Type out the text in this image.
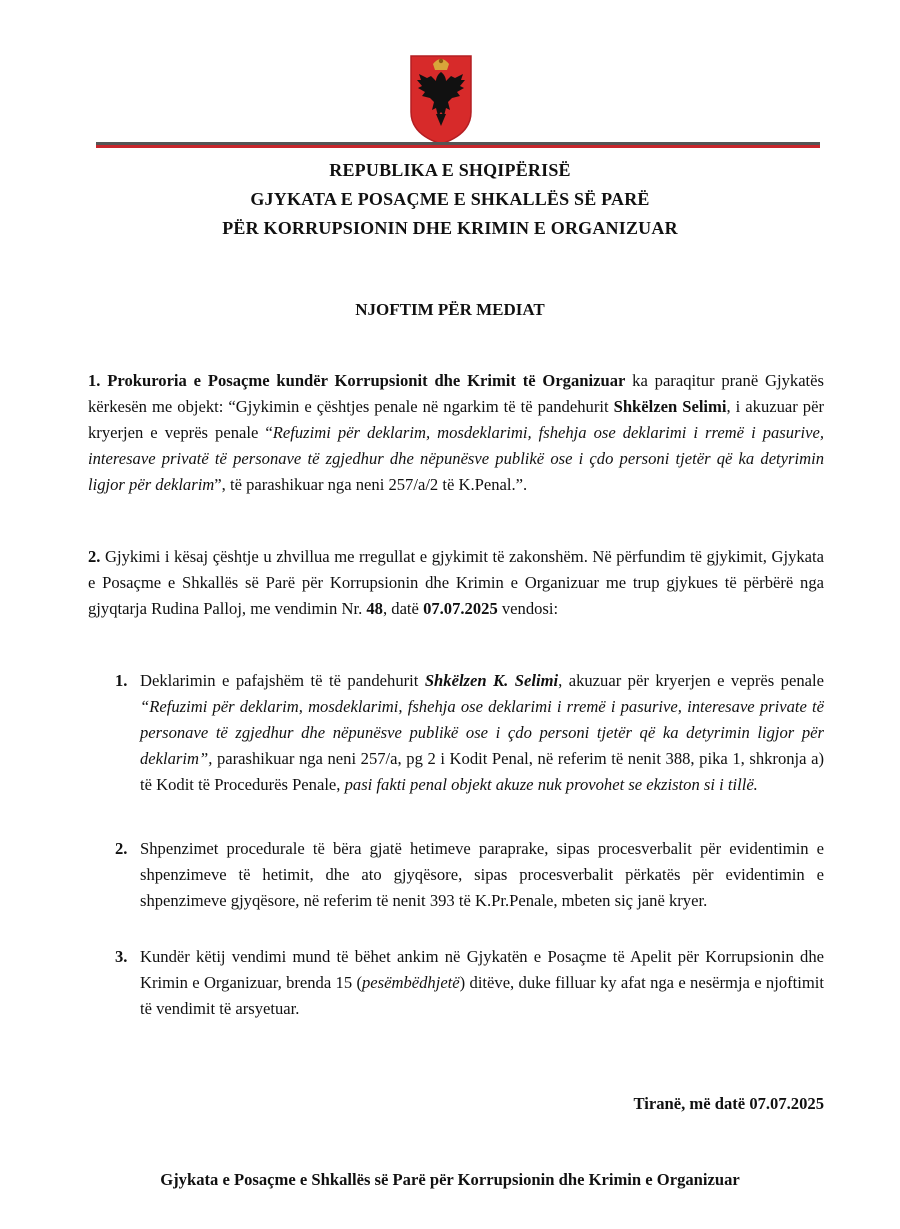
REPUBLIKA E SHQIPËRISË
GJYKATA E POSAÇME E SHKALLËS SË PARË
PËR KORRUPSIONIN DHE KRIMIN E ORGANIZUAR
NJOFTIM PËR MEDIAT
1. Prokuroria e Posaçme kundër Korrupsionit dhe Krimit të Organizuar ka paraqitur pranë Gjykatës kërkesën me objekt: “Gjykimin e çështjes penale në ngarkim të të pandehurit Shkëlzen Selimi, i akuzuar për kryerjen e veprës penale “Refuzimi për deklarim, mosdeklarimi, fshehja ose deklarimi i rremë i pasurive, interesave privatë të personave të zgjedhur dhe nëpunësve publikë ose i çdo personi tjetër që ka detyrimin ligjor për deklarim”, të parashikuar nga neni 257/a/2 të K.Penal.”.
2. Gjykimi i kësaj çështje u zhvillua me rregullat e gjykimit të zakonshëm. Në përfundim të gjykimit, Gjykata e Posaçme e Shkallës së Parë për Korrupsionin dhe Krimin e Organizuar me trup gjykues të përbërë nga gjyqtarja Rudina Palloj, me vendimin Nr. 48, datë 07.07.2025 vendosi:
1. Deklarimin e pafajshëm të të pandehurit Shkëlzen K. Selimi, akuzuar për kryerjen e veprës penale “Refuzimi për deklarim, mosdeklarimi, fshehja ose deklarimi i rremë i pasurive, interesave private të personave të zgjedhur dhe nëpunësve publikë ose i çdo personi tjetër që ka detyrimin ligjor për deklarim”, parashikuar nga neni 257/a, pg 2 i Kodit Penal, në referim të nenit 388, pika 1, shkronja a) të Kodit të Procedurës Penale, pasi fakti penal objekt akuze nuk provohet se ekziston si i tillë.
2. Shpenzimet procedurale të bëra gjatë hetimeve paraprake, sipas procesverbalit për evidentimin e shpenzimeve të hetimit, dhe ato gjyqësore, sipas procesverbalit përkatës për evidentimin e shpenzimeve gjyqësore, në referim të nenit 393 të K.Pr.Penale, mbeten siç janë kryer.
3. Kundër këtij vendimi mund të bëhet ankim në Gjykatën e Posaçme të Apelit për Korrupsionin dhe Krimin e Organizuar, brenda 15 (pesëmbëdhjetë) ditëve, duke filluar ky afat nga e nesërmja e njoftimit të vendimit të arsyetuar.
Tiranë, më datë 07.07.2025
Gjykata e Posaçme e Shkallës së Parë për Korrupsionin dhe Krimin e Organizuar
